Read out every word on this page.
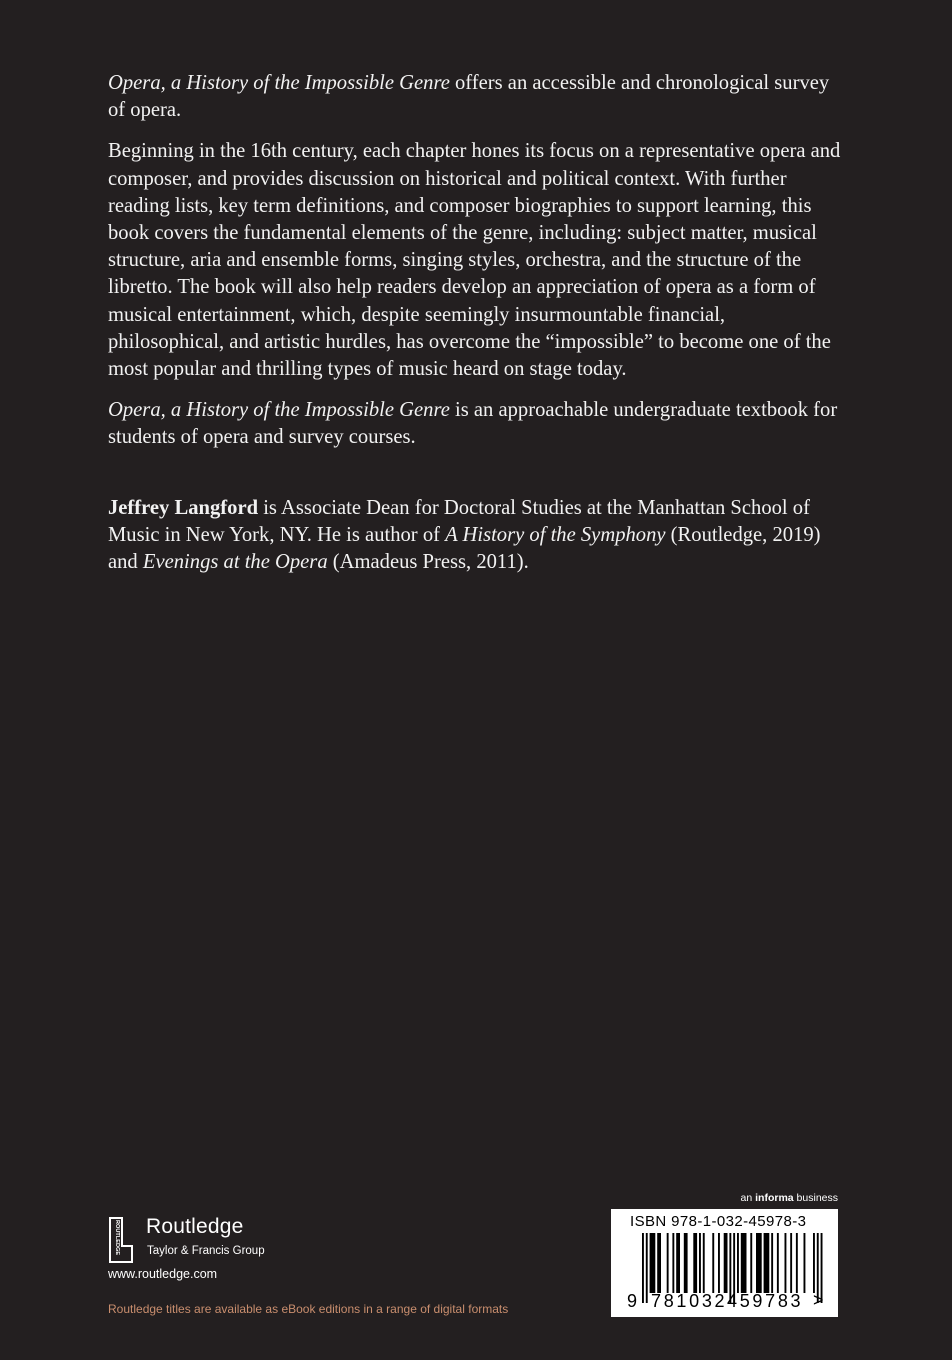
Opera, a History of the Impossible Genre offers an accessible and chronological survey of opera.

Beginning in the 16th century, each chapter hones its focus on a representative opera and composer, and provides discussion on historical and political context. With further reading lists, key term definitions, and composer biographies to support learning, this book covers the fundamental elements of the genre, including: subject matter, musical structure, aria and ensemble forms, singing styles, orchestra, and the structure of the libretto. The book will also help readers develop an appreciation of opera as a form of musical entertainment, which, despite seemingly insurmountable financial, philosophical, and artistic hurdles, has overcome the “impossible” to become one of the most popular and thrilling types of music heard on stage today.

Opera, a History of the Impossible Genre is an approachable undergraduate textbook for students of opera and survey courses.

Jeffrey Langford is Associate Dean for Doctoral Studies at the Manhattan School of Music in New York, NY. He is author of A History of the Symphony (Routledge, 2019) and Evenings at the Opera (Amadeus Press, 2011).

ROUTLEDGE Routledge
Taylor & Francis Group
www.routledge.com
Routledge titles are available as eBook editions in a range of digital formats
an informa business
ISBN 978-1-032-45978-3
9 781032 459783 >
